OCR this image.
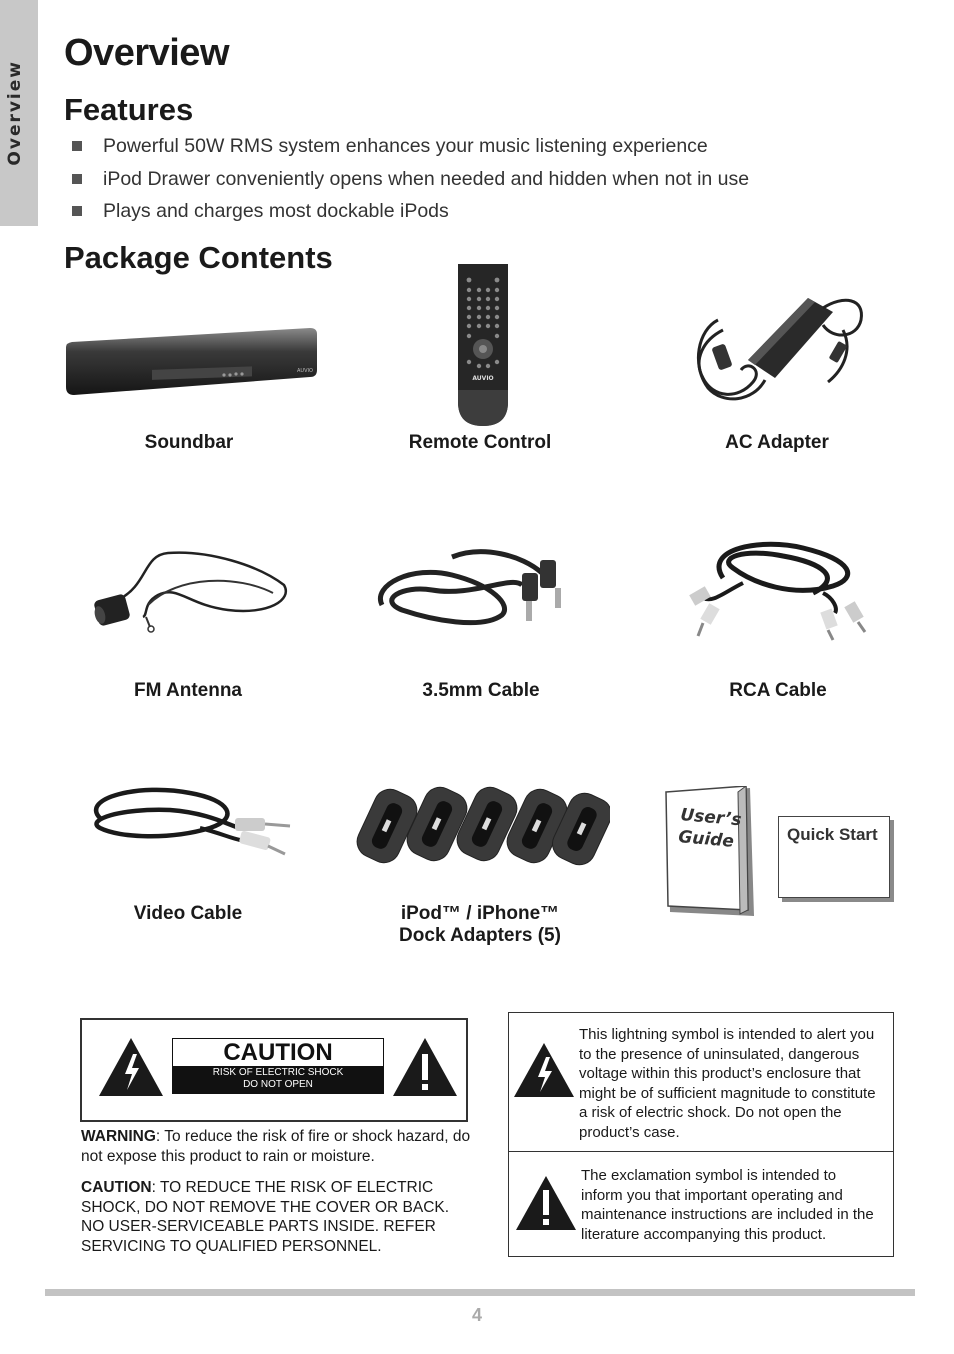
Overview
Overview
Features
Powerful 50W RMS system enhances your music listening experience
iPod Drawer conveniently opens when needed and hidden when not in use
Plays and charges most dockable iPods
Package Contents
AUVIO
Soundbar
AUVIO
Remote Control	AC Adapter
FM Antenna	3.5mm Cable	RCA Cable
Video Cable	iPod™ / iPhone™
Dock Adapters (5)
User’s
Guide	Quick Start
CAUTION
RISK OF ELECTRIC SHOCK
DO NOT OPEN
WARNING: To reduce the risk of fire or shock hazard, do not expose this product to rain or moisture.
CAUTION: TO REDUCE THE RISK OF ELECTRIC SHOCK, DO NOT REMOVE THE COVER OR BACK. NO USER-SERVICEABLE PARTS INSIDE. REFER SERVICING TO QUALIFIED PERSONNEL.
This lightning symbol is intended to alert you to the presence of uninsulated, dangerous voltage within this product’s enclosure that might be of sufficient magnitude to constitute a risk of electric shock. Do not open the product’s case.
The exclamation symbol is intended to inform you that important operating and maintenance instructions are included in the literature accompanying this product.
4
